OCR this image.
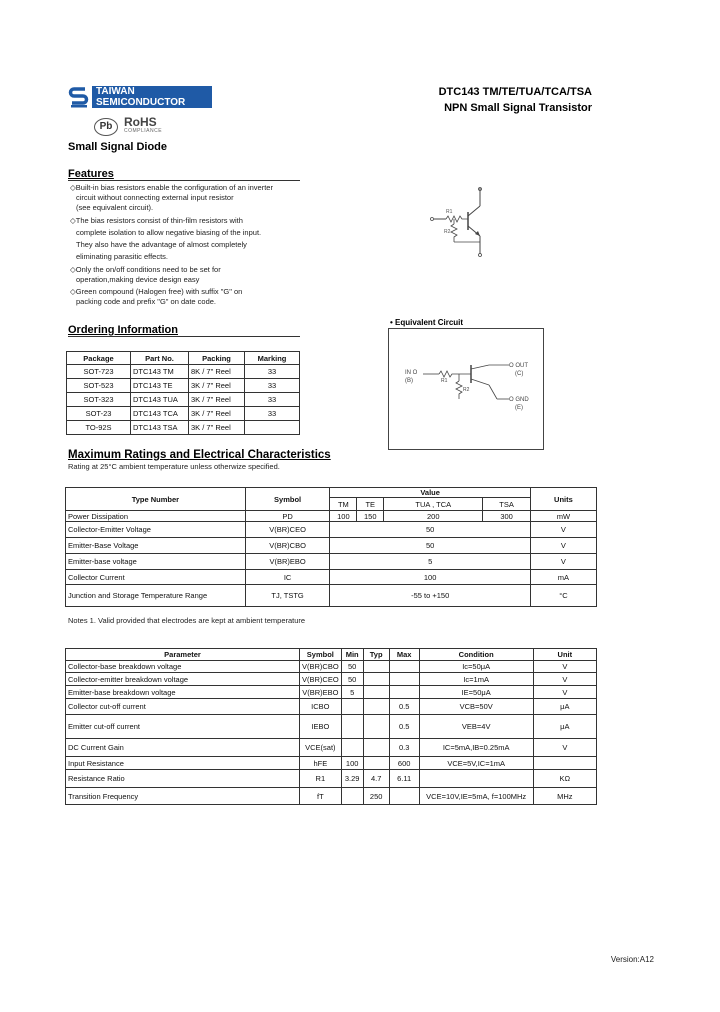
TAIWAN
SEMICONDUCTOR
Pb RoHS
COMPLIANCE
DTC143 TM/TE/TUA/TCA/TSA
NPN Small Signal Transistor
Small Signal Diode
Features
◇Built-in bias resistors enable the configuration of an inverter
circuit without connecting external input resistor
(see equivalent circuit).
◇The bias resistors consist of thin-film resistors with
complete isolation to allow negative biasing of the input.
They also have the advantage of almost completely
eliminating parasitic effects.
◇Only the on/off conditions need to be set for
operation,making device design easy
◇Green compound (Halogen free) with suffix "G" on
packing code and prefix "G" on date code.
R1
R2
Ordering Information
Package	Part No.	Packing	Marking
SOT-723	DTC143 TM	8K / 7" Reel	33
SOT-523	DTC143 TE	3K / 7" Reel	33
SOT-323	DTC143 TUA	3K / 7" Reel	33
SOT-23	DTC143 TCA	3K / 7" Reel	33
TO-92S	DTC143 TSA	3K / 7" Reel	
• Equivalent Circuit
IN O
(B)	R1
R2
O OUT
(C)
O GND
(E)
Maximum Ratings and Electrical Characteristics
Rating at 25°C ambient temperature unless otherwize specified.
Type Number	Symbol	Value				Units
		TM	TE	TUA , TCA	TSA	
Power Dissipation	PD	100	150	200	300	mW
Collector-Emitter Voltage	V(BR)CEO	50				V
Emitter-Base Voltage	V(BR)CBO	50				V
Emitter-base voltage	V(BR)EBO	5				V
Collector Current	IC	100				mA
Junction and Storage Temperature Range	TJ, TSTG	-55 to +150				°C
Notes 1. Valid provided that electrodes are kept at ambient temperature
Parameter	Symbol	Min	Typ	Max	Condition	Unit
Collector-base breakdown voltage	V(BR)CBO	50			Ic=50μA	V
Collector-emitter breakdown voltage	V(BR)CEO	50			Ic=1mA	V
Emitter-base breakdown voltage	V(BR)EBO	5			IE=50μA	V
Collector cut-off current	ICBO			0.5	VCB=50V	μA
Emitter cut-off current	IEBO			0.5	VEB=4V	μA
DC Current Gain	VCE(sat)			0.3	IC=5mA,IB=0.25mA	V
Input Resistance	hFE	100		600	VCE=5V,IC=1mA	
Resistance Ratio	R1	3.29	4.7	6.11		KΩ
Transition Frequency	fT		250		VCE=10V,IE=5mA, f=100MHz	MHz
Version:A12
